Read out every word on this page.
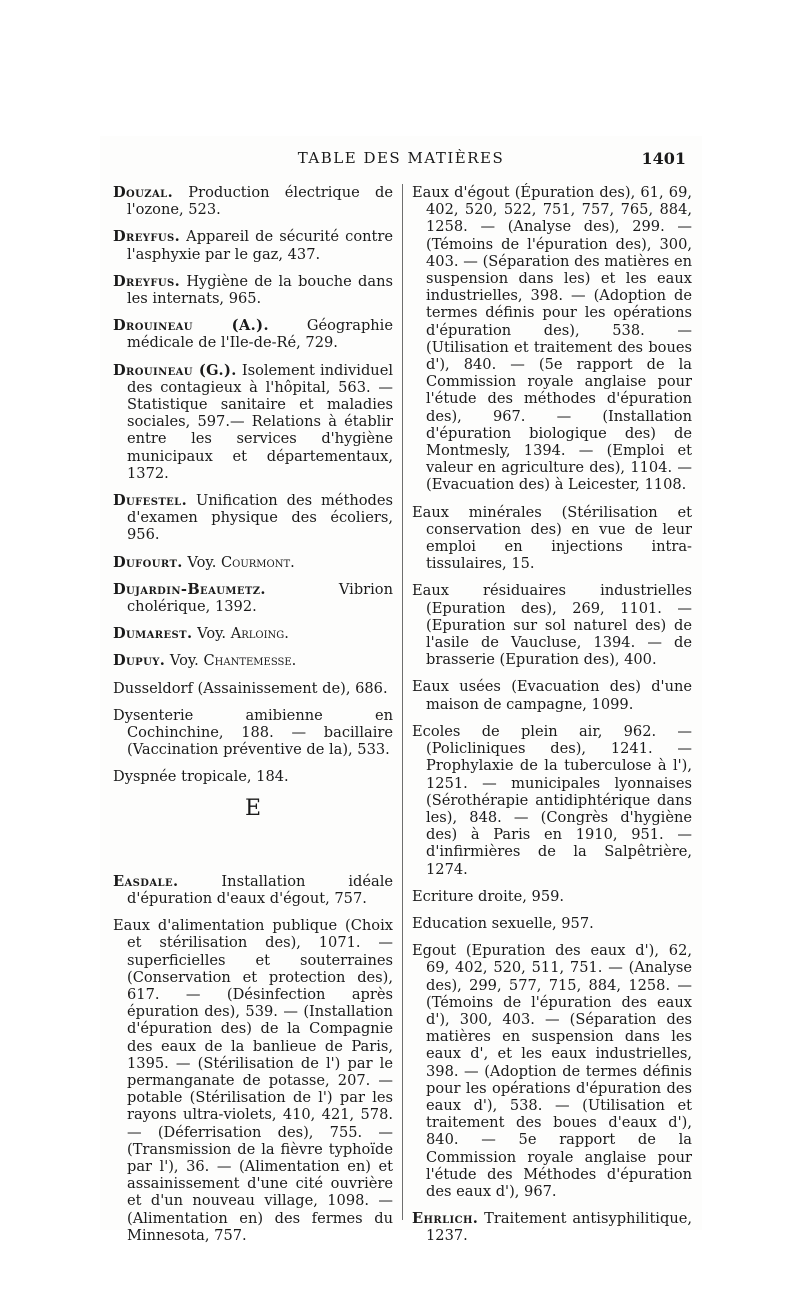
TABLE DES MATIÈRES	1401

Douzal. Production électrique de l'ozone, 523.

Dreyfus. Appareil de sécurité contre l'asphyxie par le gaz, 437.

Dreyfus. Hygiène de la bouche dans les internats, 965.

Drouineau (A.). Géographie médicale de l'Ile-de-Ré, 729.

Drouineau (G.). Isolement individuel des contagieux à l'hôpital, 563. — Statistique sanitaire et maladies sociales, 597.— Relations à établir entre les services d'hygiène municipaux et départementaux, 1372.

Dufestel. Unification des méthodes d'examen physique des écoliers, 956.

Dufourt. Voy. Courmont.

Dujardin-Beaumetz. Vibrion cholérique, 1392.

Dumarest. Voy. Arloing.

Dupuy. Voy. Chantemesse.

Dusseldorf (Assainissement de), 686.

Dysenterie amibienne en Cochinchine, 188. — bacillaire (Vaccination préventive de la), 533.

Dyspnée tropicale, 184.

E

Easdale. Installation idéale d'épuration d'eaux d'égout, 757.

Eaux d'alimentation publique (Choix et stérilisation des), 1071. — superficielles et souterraines (Conservation et protection des), 617. — (Désinfection après épuration des), 539. — (Installation d'épuration des) de la Compagnie des eaux de la banlieue de Paris, 1395. — (Stérilisation de l') par le permanganate de potasse, 207. — potable (Stérilisation de l') par les rayons ultra-violets, 410, 421, 578. — (Déferrisation des), 755. — (Transmission de la fièvre typhoïde par l'), 36. — (Alimentation en) et assainissement d'une cité ouvrière et d'un nouveau village, 1098. — (Alimentation en) des fermes du Minnesota, 757.

Eaux d'égout (Épuration des), 61, 69, 402, 520, 522, 751, 757, 765, 884, 1258. — (Analyse des), 299. — (Témoins de l'épuration des), 300, 403. — (Séparation des matières en suspension dans les) et les eaux industrielles, 398. — (Adoption de termes définis pour les opérations d'épuration des), 538. — (Utilisation et traitement des boues d'), 840. — (5e rapport de la Commission royale anglaise pour l'étude des méthodes d'épuration des), 967. — (Installation d'épuration biologique des) de Montmesly, 1394. — (Emploi et valeur en agriculture des), 1104. — (Evacuation des) à Leicester, 1108.

Eaux minérales (Stérilisation et conservation des) en vue de leur emploi en injections intra-tissulaires, 15.

Eaux résiduaires industrielles (Epuration des), 269, 1101. — (Epuration sur sol naturel des) de l'asile de Vaucluse, 1394. — de brasserie (Epuration des), 400.

Eaux usées (Evacuation des) d'une maison de campagne, 1099.

Ecoles de plein air, 962. — (Policliniques des), 1241. — Prophylaxie de la tuberculose à l'), 1251. — municipales lyonnaises (Sérothérapie antidiphtérique dans les), 848. — (Congrès d'hygiène des) à Paris en 1910, 951. — d'infirmières de la Salpêtrière, 1274.

Ecriture droite, 959.

Education sexuelle, 957.

Egout (Epuration des eaux d'), 62, 69, 402, 520, 511, 751. — (Analyse des), 299, 577, 715, 884, 1258. — (Témoins de l'épuration des eaux d'), 300, 403. — (Séparation des matières en suspension dans les eaux d', et les eaux industrielles, 398. — (Adoption de termes définis pour les opérations d'épuration des eaux d'), 538. — (Utilisation et traitement des boues d'eaux d'), 840. — 5e rapport de la Commission royale anglaise pour l'étude des Méthodes d'épuration des eaux d'), 967.

Ehrlich. Traitement antisyphilitique, 1237.
